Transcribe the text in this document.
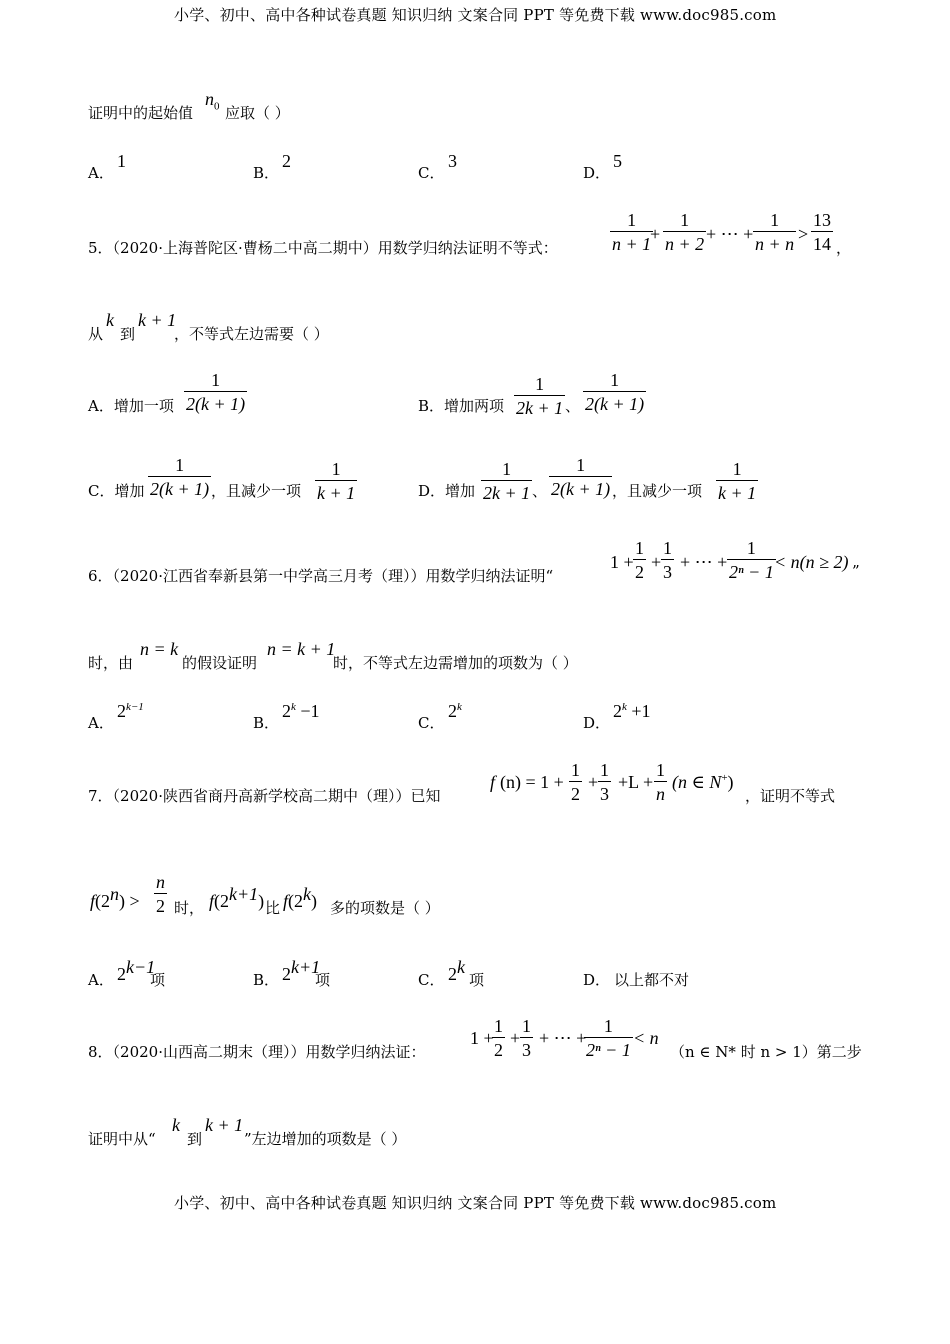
小学、初中、高中各种试卷真题 知识归纳 文案合同 PPT 等免费下载 www.doc985.com
证明中的起始值
$n_0$ 应取（ ）
A．
1
B．
2
C．
3
D．
5
5．（2020·上海普陀区·曹杨二中高二期中）用数学归纳法证明不等式：	$\frac{1}{n + 1}$
+ $\frac{1}{n + 2}$ + ⋯ + $\frac{1}{n + n} > \frac{13}{14}$ ，
从
k
到
k + 1
，不等式左边需要（ ）
A．增加一项 $\frac{1}{2(k + 1)}$	B．增加两项 $\frac{1}{2k + 1}$ 、 $\frac{1}{2(k + 1)}$
C．增加 $\frac{1}{2(k + 1)}$ ，且减少一项 $\frac{1}{k + 1}$	D．增加 $\frac{1}{2k + 1}$ 、 $\frac{1}{2(k + 1)}$ ，且减少一项 $\frac{1}{k + 1}$
6．（2020·江西省奉新县第一中学高三月考（理））用数学归纳法证明“
$1 + \frac{1}{2} + \frac{1}{3}$ + ⋯ + $\frac{1}{\text{2ⁿ − 1}}$
< n(n ≥ 2) ”
时，由
n = k
的假设证明
n = k + 1
时，不等式左边需增加的项数为（ ）
A．
$2^{k-1}$
B．
$2^k -1$
C．
2$^k$
D．
$2^k +1$
7．（2020·陕西省商丹高新学校高二期中（理））已知
f $(n) = 1 + \frac{1}{2} + \frac{1}{3} +L + \frac{1}{n} (n$ ∈ N+)
，证明不等式
$f(2^n) > \frac{n}{2}$ 时， $f(2^{k+1})$ 比 f(2$^k$) 多的项数是（ ）
A． $2^{k-1}$
项	B． $2^{k+1}$
项	C． 2$^k$
项	D． 以上都不对
8．（2020·山西高二期末（理））用数学归纳法证：
1 +
$\frac{1}{2} + \frac{1}{3}$ + ⋯ +
$\frac{1}{\text{2ⁿ − 1}} < n$
（n ∈ N* 时 n > 1）第二步
证明中从“
k
到
k + 1
”左边增加的项数是（ ）
小学、初中、高中各种试卷真题 知识归纳 文案合同 PPT 等免费下载 www.doc985.com
